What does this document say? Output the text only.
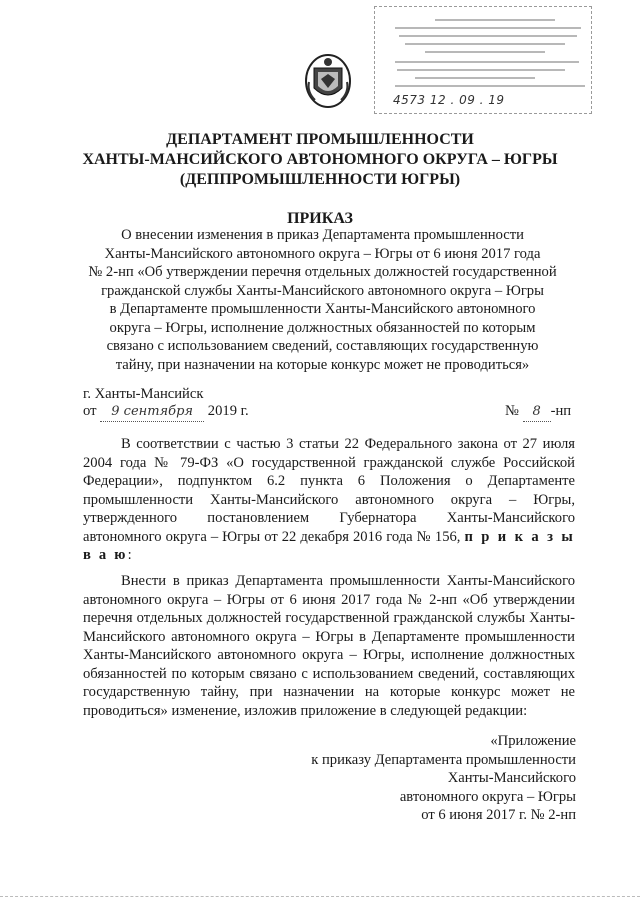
4573 12 . 09 . 19
ДЕПАРТАМЕНТ ПРОМЫШЛЕННОСТИ
ХАНТЫ-МАНСИЙСКОГО АВТОНОМНОГО ОКРУГА – ЮГРЫ
(ДЕППРОМЫШЛЕННОСТИ ЮГРЫ)
ПРИКАЗ
О внесении изменения в приказ Департамента промышленности
Ханты-Мансийского автономного округа – Югры от 6 июня 2017 года
№ 2-нп «Об утверждении перечня отдельных должностей государственной
гражданской службы Ханты-Мансийского автономного округа – Югры
в Департаменте промышленности Ханты-Мансийского автономного
округа – Югры, исполнение должностных обязанностей по которым
связано с использованием сведений, составляющих государственную
тайну, при назначении на которые конкурс может не проводиться»
г. Ханты-Мансийск
от 9 сентября 2019 г.	№ 8 -нп

В соответствии с частью 3 статьи 22 Федерального закона от 27 июля 2004 года № 79-ФЗ «О государственной гражданской службе Российской Федерации», подпунктом 6.2 пункта 6 Положения о Департаменте промышленности Ханты-Мансийского автономного округа – Югры, утвержденного постановлением Губернатора Ханты-Мансийского автономного округа – Югры от 22 декабря 2016 года № 156, п р и к а з ы в а ю:

Внести в приказ Департамента промышленности Ханты-Мансийского автономного округа – Югры от 6 июня 2017 года № 2-нп «Об утверждении перечня отдельных должностей государственной гражданской службы Ханты-Мансийского автономного округа – Югры в Департаменте промышленности Ханты-Мансийского автономного округа – Югры, исполнение должностных обязанностей по которым связано с использованием сведений, составляющих государственную тайну, при назначении на которые конкурс может не проводиться» изменение, изложив приложение в следующей редакции:

«Приложение
к приказу Департамента промышленности
Ханты-Мансийского
автономного округа – Югры
от 6 июня 2017 г. № 2-нп
